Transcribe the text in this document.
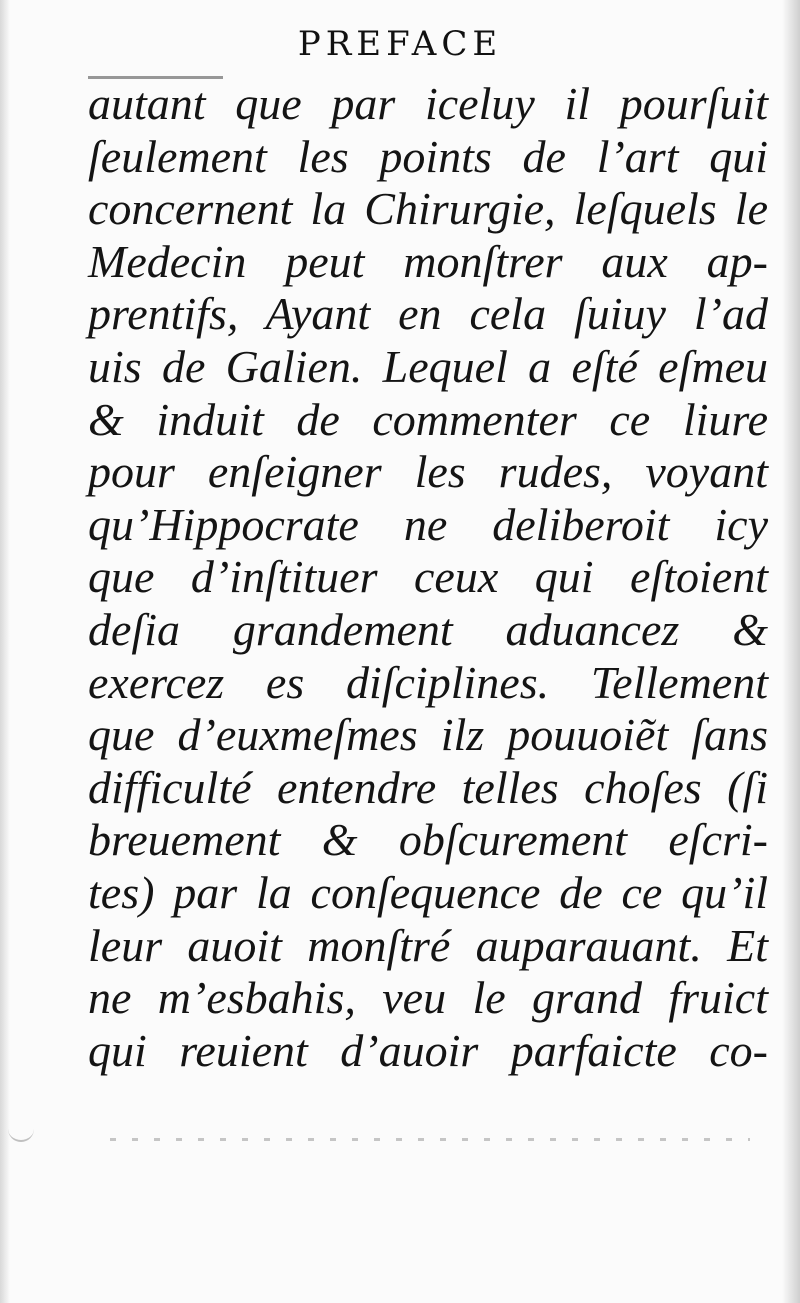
PREFACE
autant que par iceluy il pourſuit
ſeulement les points de l’art qui
concernent la Chirurgie, leſquels le
Medecin peut monſtrer aux ap-
prentifs, Ayant en cela ſuiuy l’ad
uis de Galien. Lequel a eſté eſmeu
& induit de commenter ce liure
pour enſeigner les rudes, voyant
qu’Hippocrate ne deliberoit icy
que d’inſtituer ceux qui eſtoient
deſia grandement aduancez &
exercez es diſciplines. Tellement
que d’euxmeſmes ilz pouuoiẽt ſans
difficulté entendre telles choſes (ſi
breuement & obſcurement eſcri-
tes) par la conſequence de ce qu’il
leur auoit monſtré auparauant. Et
ne m’esbahis, veu le grand fruict
qui reuient d’auoir parfaicte co-
